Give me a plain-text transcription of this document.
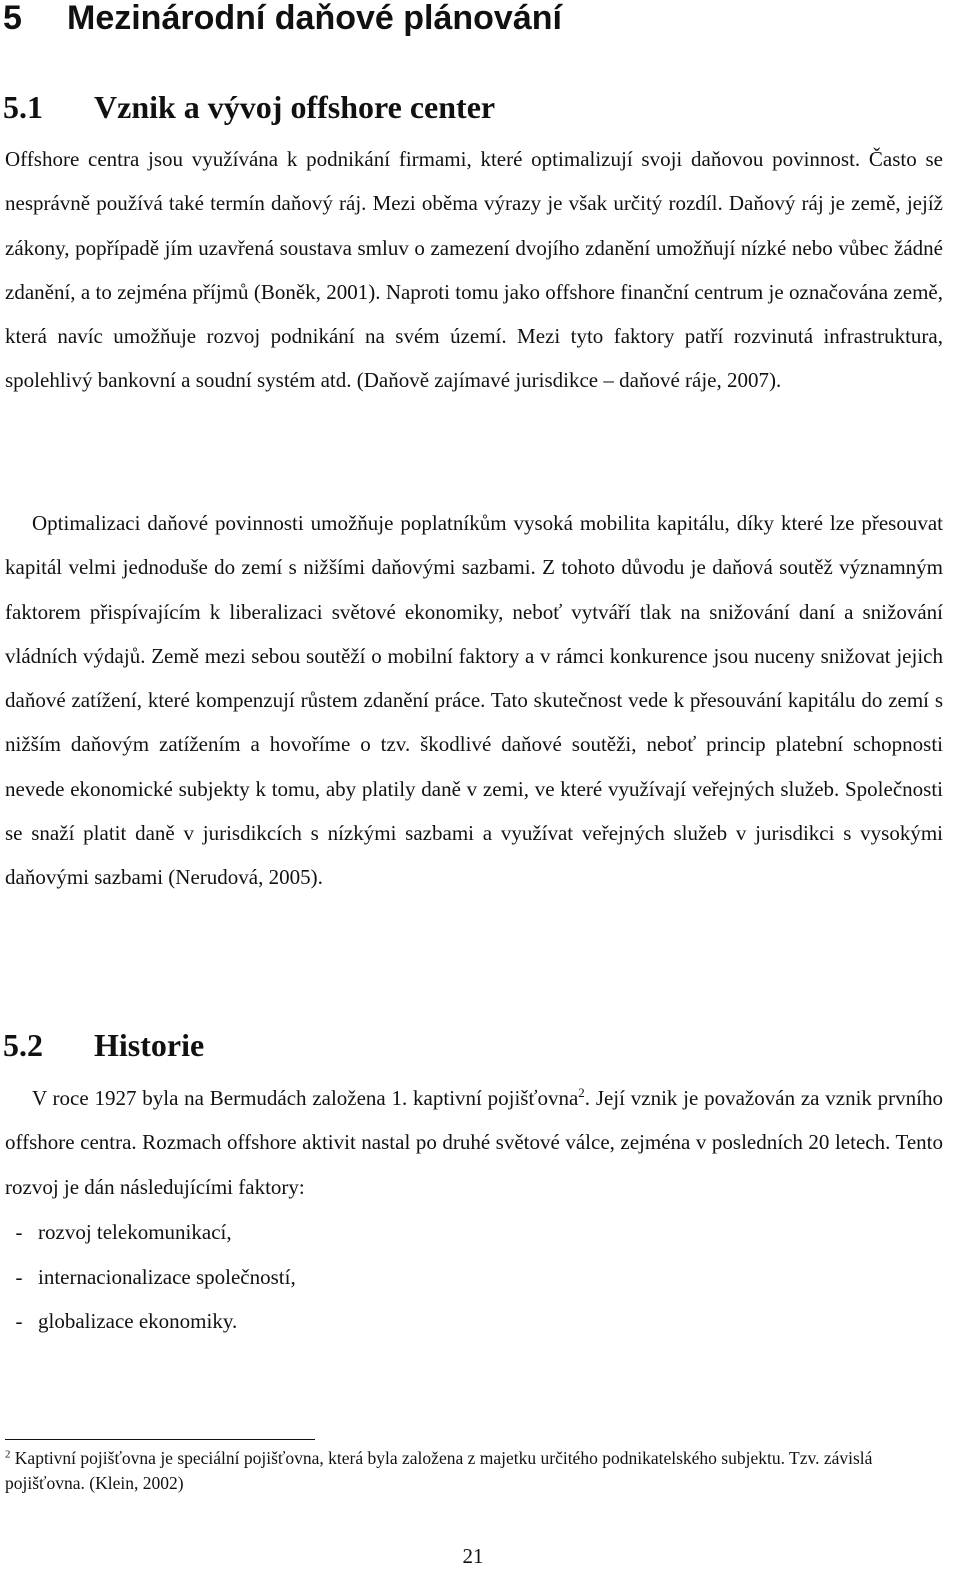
5 Mezinárodní daňové plánování
5.1 Vznik a vývoj offshore center

Offshore centra jsou využívána k podnikání firmami, které optimalizují svoji daňovou povinnost. Často se nesprávně používá také termín daňový ráj. Mezi oběma výrazy je však určitý rozdíl. Daňový ráj je země, jejíž zákony, popřípadě jím uzavřená soustava smluv o zamezení dvojího zdanění umožňují nízké nebo vůbec žádné zdanění, a to zejména příjmů (Boněk, 2001). Naproti tomu jako offshore finanční centrum je označována země, která navíc umožňuje rozvoj podnikání na svém území. Mezi tyto faktory patří rozvinutá infrastruktura, spolehlivý bankovní a soudní systém atd. (Daňově zajímavé jurisdikce – daňové ráje, 2007).

Optimalizaci daňové povinnosti umožňuje poplatníkům vysoká mobilita kapitálu, díky které lze přesouvat kapitál velmi jednoduše do zemí s nižšími daňovými sazbami. Z tohoto důvodu je daňová soutěž významným faktorem přispívajícím k liberalizaci světové ekonomiky, neboť vytváří tlak na snižování daní a snižování vládních výdajů. Země mezi sebou soutěží o mobilní faktory a v rámci konkurence jsou nuceny snižovat jejich daňové zatížení, které kompenzují růstem zdanění práce. Tato skutečnost vede k přesouvání kapitálu do zemí s nižším daňovým zatížením a hovoříme o tzv. škodlivé daňové soutěži, neboť princip platební schopnosti nevede ekonomické subjekty k tomu, aby platily daně v zemi, ve které využívají veřejných služeb. Společnosti se snaží platit daně v jurisdikcích s nízkými sazbami a využívat veřejných služeb v jurisdikci s vysokými daňovými sazbami (Nerudová, 2005).

5.2 Historie

V roce 1927 byla na Bermudách založena 1. kaptivní pojišťovna$^2$. Její vznik je považován za vznik prvního offshore centra. Rozmach offshore aktivit nastal po druhé světové válce, zejména v posledních 20 letech. Tento rozvoj je dán následujícími faktory:

- rozvoj telekomunikací,
- internacionalizace společností,
- globalizace ekonomiky.

$^2$ Kaptivní pojišťovna je speciální pojišťovna, která byla založena z majetku určitého podnikatelského subjektu. Tzv. závislá pojišťovna. (Klein, 2002)

21
